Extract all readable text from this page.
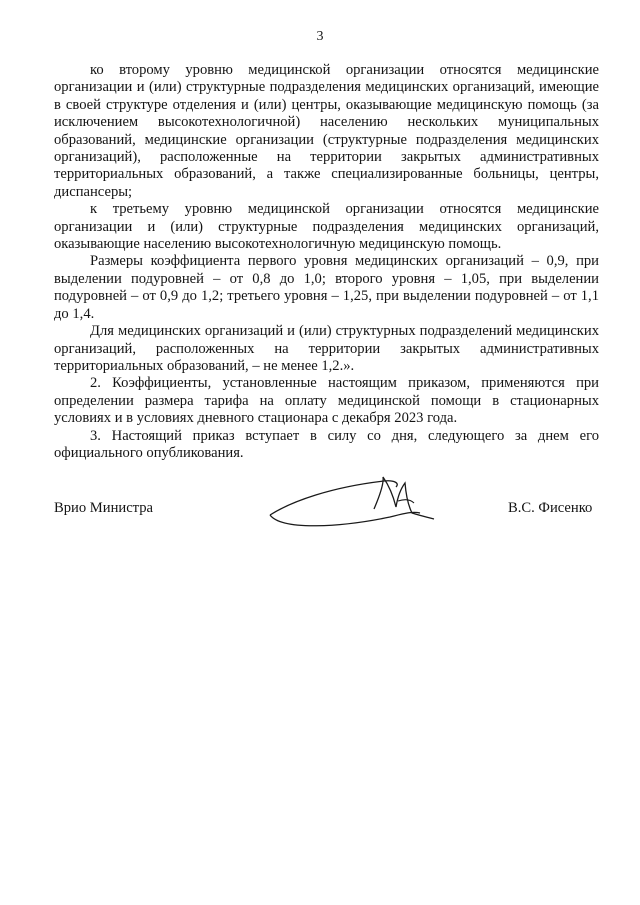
3

ко второму уровню медицинской организации относятся медицинские организации и (или) структурные подразделения медицинских организаций, имеющие в своей структуре отделения и (или) центры, оказывающие медицинскую помощь (за исключением высокотехнологичной) населению нескольких муниципальных образований, медицинские организации (структурные подразделения медицинских организаций), расположенные на территории закрытых административных территориальных образований, а также специализированные больницы, центры, диспансеры;

к третьему уровню медицинской организации относятся медицинские организации и (или) структурные подразделения медицинских организаций, оказывающие населению высокотехнологичную медицинскую помощь.

Размеры коэффициента первого уровня медицинских организаций – 0,9, при выделении подуровней – от 0,8 до 1,0; второго уровня – 1,05, при выделении подуровней – от 0,9 до 1,2; третьего уровня – 1,25, при выделении подуровней – от 1,1 до 1,4.

Для медицинских организаций и (или) структурных подразделений медицинских организаций, расположенных на территории закрытых административных территориальных образований, – не менее 1,2.».

2. Коэффициенты, установленные настоящим приказом, применяются при определении размера тарифа на оплату медицинской помощи в стационарных условиях и в условиях дневного стационара с декабря 2023 года.

3. Настоящий приказ вступает в силу со дня, следующего за днем его официального опубликования.

Врио Министра	В.С. Фисенко
